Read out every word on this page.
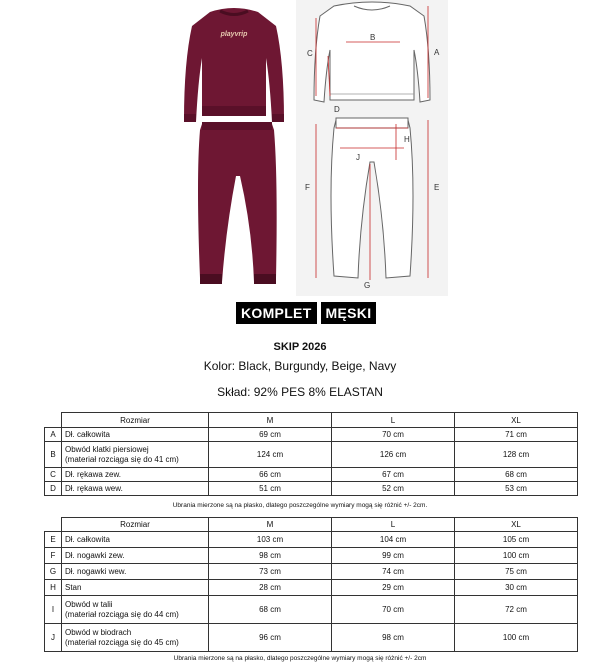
playvrip
A
B
C
D
E
F
G
H
J
KOMPLET	MĘSKI
SKIP 2026
Kolor: Black, Burgundy, Beige, Navy
Skład: 92% PES 8% ELASTAN
	Rozmiar	M	L	XL
A	Dł. całkowita	69 cm	70 cm	71 cm
B	Obwód klatki piersiowej
(materiał rozciąga się do 41 cm)	124 cm	126 cm	128 cm
C	Dł. rękawa zew.	66 cm	67 cm	68 cm
D	Dł. rękawa wew.	51 cm	52 cm	53 cm
Ubrania mierzone są na płasko, dlatego poszczególne wymiary mogą się różnić +/- 2cm.
	Rozmiar	M	L	XL
E	Dł. całkowita	103 cm	104 cm	105 cm
F	Dł. nogawki zew.	98 cm	99 cm	100 cm
G	Dł. nogawki wew.	73 cm	74 cm	75 cm
H	Stan	28 cm	29 cm	30 cm
I	Obwód w talii
(materiał rozciąga się do 44 cm)	68 cm	70 cm	72 cm
J	Obwód w biodrach
(materiał rozciąga się do 45 cm)	96 cm	98 cm	100 cm
Ubrania mierzone są na płasko, dlatego poszczególne wymiary mogą się różnić +/- 2cm
